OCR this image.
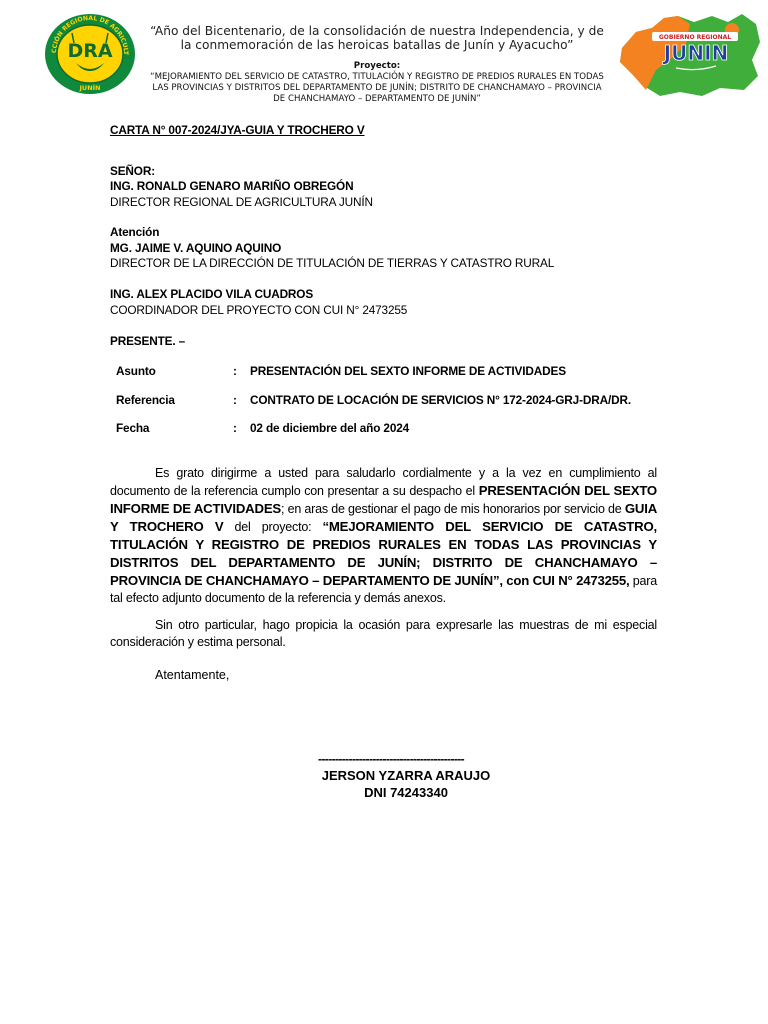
CCIÓN REGIONAL DE AGRICULT
DRA
JUNÍN
GOBIERNO REGIONAL
JUNIN
“Año del Bicentenario, de la consolidación de nuestra Independencia, y de la conmemoración de las heroicas batallas de Junín y Ayacucho”
Proyecto:
“MEJORAMIENTO DEL SERVICIO DE CATASTRO, TITULACIÓN Y REGISTRO DE PREDIOS RURALES EN TODAS LAS PROVINCIAS Y DISTRITOS DEL DEPARTAMENTO DE JUNÍN; DISTRITO DE CHANCHAMAYO – PROVINCIA DE CHANCHAMAYO – DEPARTAMENTO DE JUNÍN”
CARTA N° 007-2024/JYA-GUIA Y TROCHERO V
SEÑOR:
ING. RONALD GENARO MARIÑO OBREGÓN
DIRECTOR REGIONAL DE AGRICULTURA JUNÍN
Atención
MG. JAIME V. AQUINO AQUINO
DIRECTOR DE LA DIRECCIÓN DE TITULACIÓN DE TIERRAS Y CATASTRO RURAL
ING. ALEX PLACIDO VILA CUADROS
COORDINADOR DEL PROYECTO CON CUI N° 2473255
PRESENTE. –
Asunto	: PRESENTACIÓN DEL SEXTO INFORME DE ACTIVIDADES
Referencia	: CONTRATO DE LOCACIÓN DE SERVICIOS N° 172-2024-GRJ-DRA/DR.
Fecha	: 02 de diciembre del año 2024
Es grato dirigirme a usted para saludarlo cordialmente y a la vez en cumplimiento al documento de la referencia cumplo con presentar a su despacho el PRESENTACIÓN DEL SEXTO INFORME DE ACTIVIDADES; en aras de gestionar el pago de mis honorarios por servicio de GUIA Y TROCHERO V del proyecto: “MEJORAMIENTO DEL SERVICIO DE CATASTRO, TITULACIÓN Y REGISTRO DE PREDIOS RURALES EN TODAS LAS PROVINCIAS Y DISTRITOS DEL DEPARTAMENTO DE JUNÍN; DISTRITO DE CHANCHAMAYO – PROVINCIA DE CHANCHAMAYO – DEPARTAMENTO DE JUNÍN”, con CUI N° 2473255, para tal efecto adjunto documento de la referencia y demás anexos.
Sin otro particular, hago propicia la ocasión para expresarle las muestras de mi especial consideración y estima personal.
Atentamente,
-------------------------------------------
JERSON YZARRA ARAUJO
DNI 74243340
